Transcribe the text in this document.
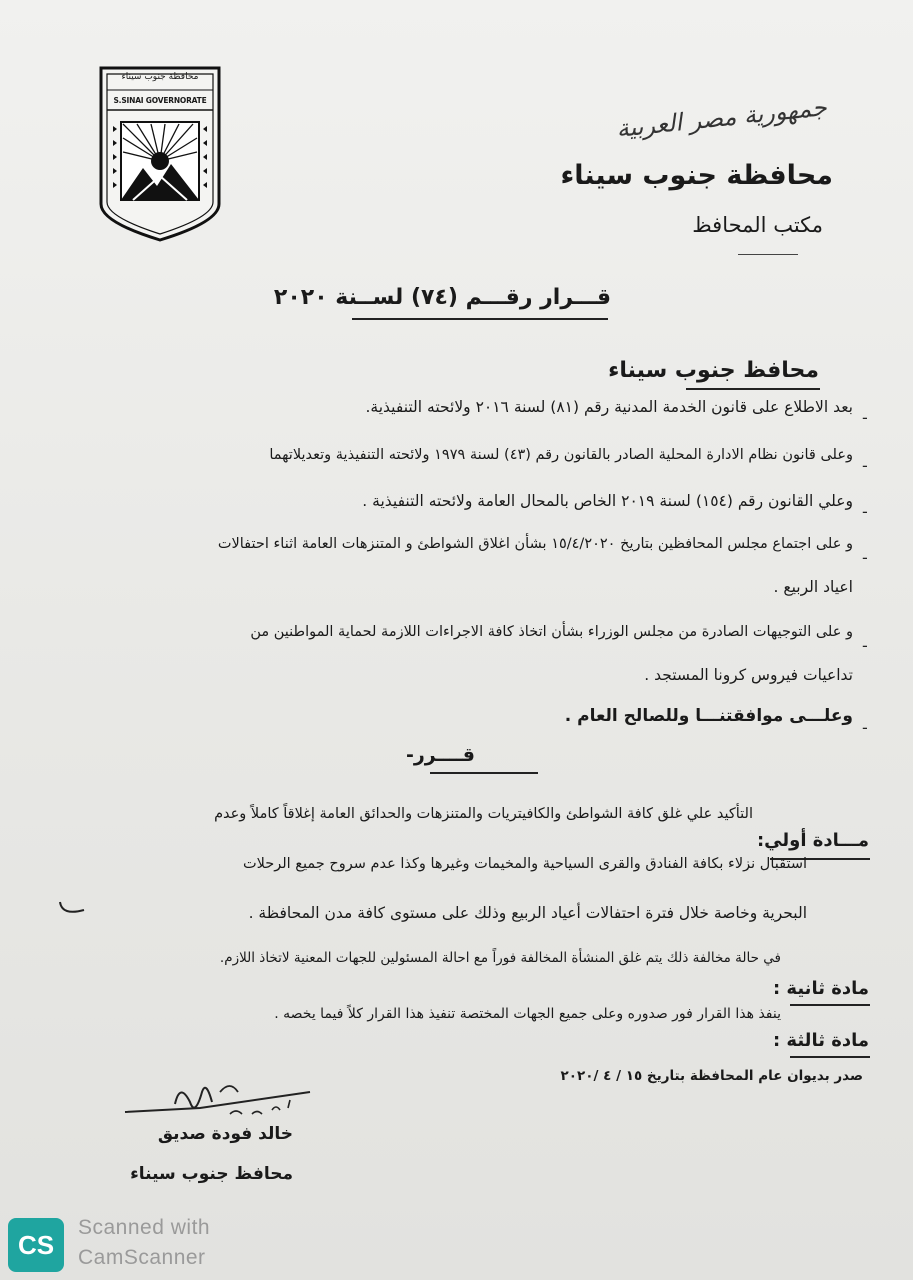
محافظة جنوب سيناء
S.SINAI GOVERNORATE	جمهورية مصر العربية
محافظة جنوب سيناء
مكتب المحافظ
قـــرار رقـــم (٧٤) لســنة ٢٠٢٠
محافظ جنوب سيناء
-
بعد الاطلاع على قانون الخدمة المدنية رقم (٨١) لسنة ٢٠١٦ ولائحته التنفيذية.
-
وعلى قانون نظام الادارة المحلية الصادر بالقانون رقم (٤٣) لسنة ١٩٧٩ ولائحته التنفيذية وتعديلاتهما
-
وعلي القانون رقم (١٥٤) لسنة ٢٠١٩ الخاص بالمحال العامة ولائحته التنفيذية .
-
و على اجتماع مجلس المحافظين بتاريخ ١٥/٤/٢٠٢٠ بشأن اغلاق الشواطئ و المتنزهات العامة اثناء احتفالات
اعياد الربيع .
-
و على التوجيهات الصادرة من مجلس الوزراء بشأن اتخاذ كافة الاجراءات اللازمة لحماية المواطنين من
تداعيات فيروس كرونا المستجد .
-
وعلـــى موافقتنـــا وللصالح العام .
قــــرر-
مـــادة أولي:
التأكيد علي غلق كافة الشواطئ والكافيتريات والمتنزهات والحدائق العامة إغلاقاً كاملاً وعدم
استقبال نزلاء بكافة الفنادق والقرى السياحية والمخيمات وغيرها وكذا عدم سروح جميع الرحلات
البحرية وخاصة خلال فترة احتفالات أعياد الربيع وذلك على مستوى كافة مدن المحافظة .
مادة ثانية :
في حالة مخالفة ذلك يتم غلق المنشأة المخالفة فوراً مع احالة المسئولين للجهات المعنية لاتخاذ اللازم.
مادة ثالثة :
ينفذ هذا القرار فور صدوره وعلى جميع الجهات المختصة تنفيذ هذا القرار كلاً فيما يخصه .
صدر بديوان عام المحافظة بتاريخ ١٥ / ٤ /٢٠٢٠
خالد فودة صديق
محافظ جنوب سيناء
CS
Scanned with
CamScanner
